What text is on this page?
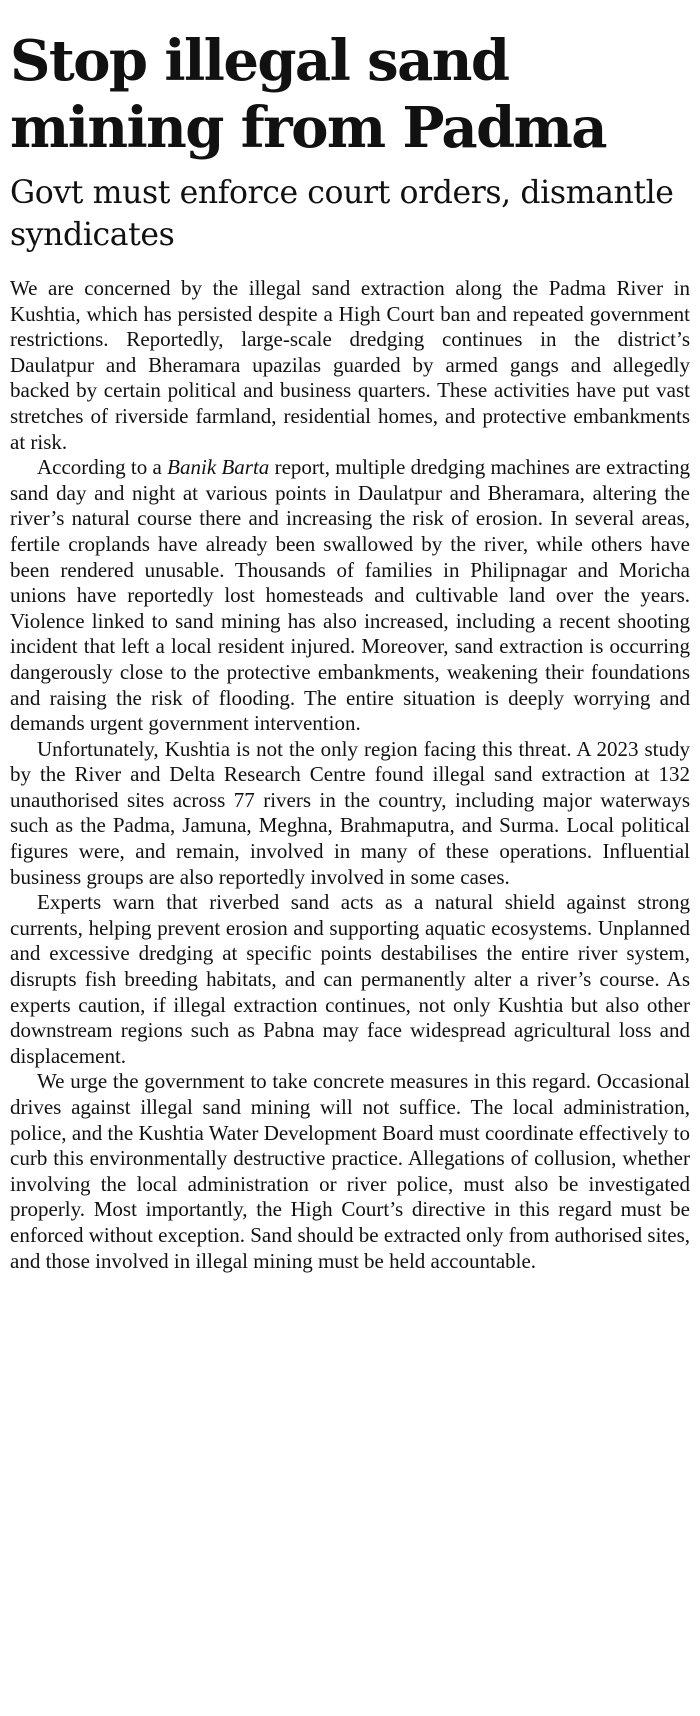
Stop illegal sand mining from Padma
Govt must enforce court orders, dismantle syndicates

We are concerned by the illegal sand extraction along the Padma River in Kushtia, which has persisted despite a High Court ban and repeated government restrictions. Reportedly, large-scale dredging continues in the district’s Daulatpur and Bheramara upazilas guarded by armed gangs and allegedly backed by certain political and business quarters. These activities have put vast stretches of riverside farmland, residential homes, and protective embankments at risk.

According to a Banik Barta report, multiple dredging machines are extracting sand day and night at various points in Daulatpur and Bheramara, altering the river’s natural course there and increasing the risk of erosion. In several areas, fertile croplands have already been swallowed by the river, while others have been rendered unusable. Thousands of families in Philipnagar and Moricha unions have reportedly lost homesteads and cultivable land over the years. Violence linked to sand mining has also increased, including a recent shooting incident that left a local resident injured. Moreover, sand extraction is occurring dangerously close to the protective embankments, weakening their foundations and raising the risk of flooding. The entire situation is deeply worrying and demands urgent government intervention.

Unfortunately, Kushtia is not the only region facing this threat. A 2023 study by the River and Delta Research Centre found illegal sand extraction at 132 unauthorised sites across 77 rivers in the country, including major waterways such as the Padma, Jamuna, Meghna, Brahmaputra, and Surma. Local political figures were, and remain, involved in many of these operations. Influential business groups are also reportedly involved in some cases.

Experts warn that riverbed sand acts as a natural shield against strong currents, helping prevent erosion and supporting aquatic ecosystems. Unplanned and excessive dredging at specific points destabilises the entire river system, disrupts fish breeding habitats, and can permanently alter a river’s course. As experts caution, if illegal extraction continues, not only Kushtia but also other downstream regions such as Pabna may face widespread agricultural loss and displacement.

We urge the government to take concrete measures in this regard. Occasional drives against illegal sand mining will not suffice. The local administration, police, and the Kushtia Water Development Board must coordinate effectively to curb this environmentally destructive practice. Allegations of collusion, whether involving the local administration or river police, must also be investigated properly. Most importantly, the High Court’s directive in this regard must be enforced without exception. Sand should be extracted only from authorised sites, and those involved in illegal mining must be held accountable.
